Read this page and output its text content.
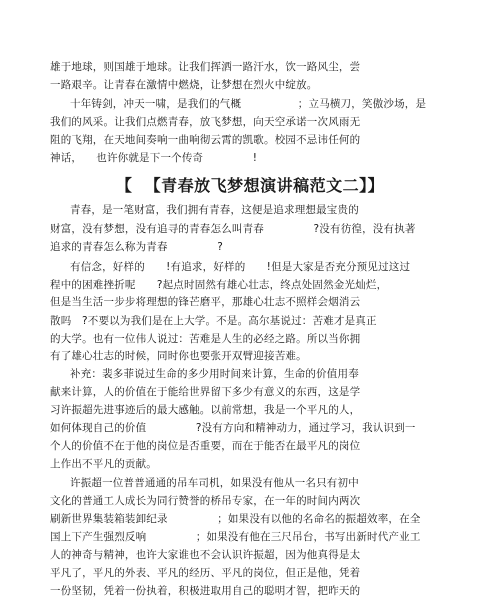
雄于地球，则国雄于地球。让我们挥洒一路汗水，饮一路风尘，尝
一路艰辛。让青春在激情中燃烧，让梦想在烈火中绽放。
十年铸剑，冲天一啸，是我们的气概                ；立马横刀，笑傲沙场，是
我们的风采。让我们点燃青春，放飞梦想，向天空承诺一次风雨无
阻的飞翔，在天地间奏响一曲响彻云霄的凯歌。校园不忌讳任何的
神话，    也许你就是下一个传奇              !
【  【青春放飞梦想演讲稿范文二】】
青春，是一笔财富，我们拥有青春，这便是追求理想最宝贵的
财富，没有梦想，没有追寻的青春怎么叫青春              ?没有彷徨，没有执著
追求的青春怎么称为青春              ?
有信念，好样的      !有追求，好样的      !但是大家是否充分预见过这过
程中的困难挫折呢      ?起点时固然有雄心壮志，终点处固然金光灿烂，
但是当生活一步步将理想的锋芒磨平，那雄心壮志不照样会烟消云
散吗   ?不要以为我们是在上大学。不是。高尔基说过：苦难才是真正
的大学。也有一位伟人说过：苦难是人生的必经之路。所以当你拥
有了雄心壮志的时候，同时你也要张开双臂迎接苦难。
补充：裴多菲说过生命的多少用时间来计算，生命的价值用奉
献来计算，人的价值在于能给世界留下多少有意义的东西，这是学
习许振超先进事迹后的最大感触。以前常想，我是一个平凡的人，
如何体现自己的价值              ?没有方向和精神动力，通过学习，我认识到一
个人的价值不在于他的岗位是否重要，而在于能否在最平凡的岗位
上作出不平凡的贡献。
许振超一位普普通通的吊车司机，如果没有他从一名只有初中
文化的普通工人成长为同行赞誉的桥吊专家，在一年的时间内两次
刷新世界集装箱装卸纪录              ；如果没有以他的名命名的振超效率，在全
国上下产生强烈反响              ；如果没有他在三尺吊台，书写出新时代产业工
人的神奇与精神，也许大家谁也不会认识许振超，因为他真得是太
平凡了，平凡的外表、平凡的经历、平凡的岗位，但正是他，凭着
一份坚韧，凭着一份执着，积极进取用自己的聪明才智，把昨天的
